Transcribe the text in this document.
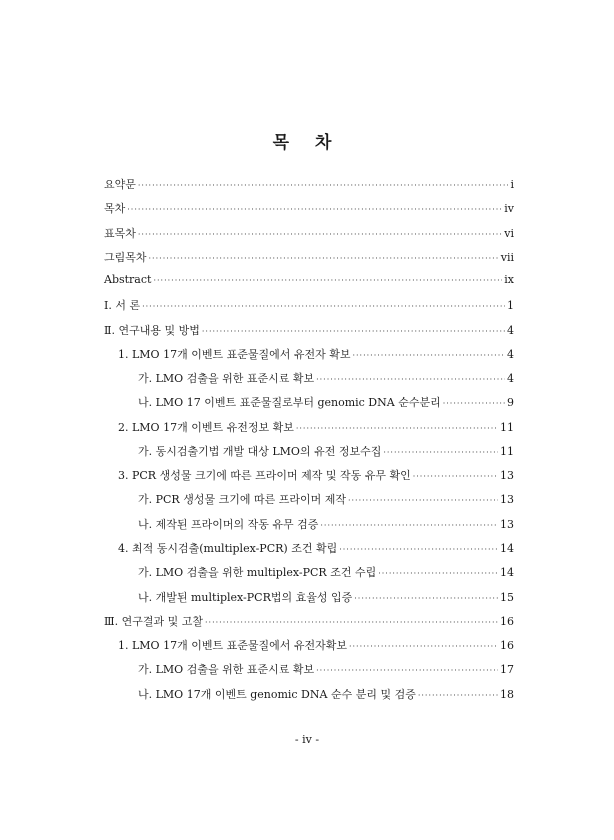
목 차
요약문 ·····	i
목차 ·····	iv
표목차 ·····	vi
그림목차 ·····	vii
Abstract ·····	ix
Ⅰ. 서 론 ·····	1
Ⅱ. 연구내용 및 방법 ·····	4
1. LMO 17개 이벤트 표준물질에서 유전자 확보 ·····	4
가. LMO 검출을 위한 표준시료 확보 ·····	4
나. LMO 17 이벤트 표준물질로부터 genomic DNA 순수분리 ·····	9
2. LMO 17개 이벤트 유전정보 확보 ·····	11
가. 동시검출기법 개발 대상 LMO의 유전 정보수집 ·····	11
3. PCR 생성물 크기에 따른 프라이머 제작 및 작동 유무 확인 ·····	13
가. PCR 생성물 크기에 따른 프라이머 제작 ·····	13
나. 제작된 프라이머의 작동 유무 검증 ·····	13
4. 최적 동시검출(multiplex-PCR) 조건 확립 ·····	14
가. LMO 검출을 위한 multiplex-PCR 조건 수립 ·····	14
나. 개발된 multiplex-PCR법의 효율성 입증 ·····	15
Ⅲ. 연구결과 및 고찰 ·····	16
1. LMO 17개 이벤트 표준물질에서 유전자확보 ·····	16
가. LMO 검출을 위한 표준시료 확보 ·····	17
나. LMO 17개 이벤트 genomic DNA 순수 분리 및 검증 ·····	18
- iv -
